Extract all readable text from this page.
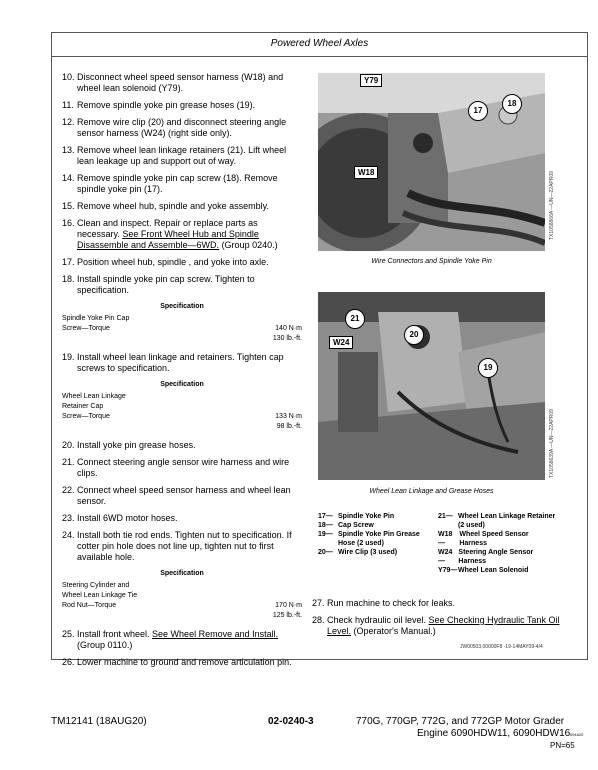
Powered Wheel Axles
10. Disconnect wheel speed sensor harness (W18) and wheel lean solenoid (Y79).
11. Remove spindle yoke pin grease hoses (19).
12. Remove wire clip (20) and disconnect steering angle sensor harness (W24) (right side only).
13. Remove wheel lean linkage retainers (21). Lift wheel lean leakage up and support out of way.
14. Remove spindle yoke pin cap screw (18). Remove spindle yoke pin (17).
15. Remove wheel hub, spindle and yoke assembly.
16. Clean and inspect. Repair or replace parts as necessary. See Front Wheel Hub and Spindle Disassemble and Assemble—6WD. (Group 0240.)
17. Position wheel hub, spindle , and yoke into axle.
18. Install spindle yoke pin cap screw. Tighten to specification.
Specification
Spindle Yoke Pin Cap
Screw—Torque	140 N·m
130 lb.-ft.
19. Install wheel lean linkage and retainers. Tighten cap screws to specification.
Specification
Wheel Lean Linkage
Retainer Cap
Screw—Torque	133 N·m
98 lb.-ft.
20. Install yoke pin grease hoses.
21. Connect steering angle sensor wire harness and wire clips.
22. Connect wheel speed sensor harness and wheel lean sensor.
23. Install 6WD motor hoses.
24. Install both tie rod ends. Tighten nut to specification. If cotter pin hole does not line up, tighten nut to first available hole.
Specification
Steering Cylinder and
Wheel Lean Linkage Tie
Rod Nut—Torque	170 N·m
125 lb.-ft.
25. Install front wheel. See Wheel Remove and Install. (Group 0110.)
26. Lower machine to ground and remove articulation pin.
Y79
17
18
W18	TX1058866A —UN—22APR09
Wire Connectors and Spindle Yoke Pin
21
20
W24
19
TX1058639A —UN—22APR09
Wheel Lean Linkage and Grease Hoses
17— Spindle Yoke Pin
18— Cap Screw
19— Spindle Yoke Pin Grease Hose (2 used)
20— Wire Clip (3 used)
21— Wheel Lean Linkage Retainer (2 used)
W18—
Wheel Speed Sensor Harness
W24—
Steering Angle Sensor Harness
Y79— Wheel Lean Solenoid
27. Run machine to check for leaks.
28. Check hydraulic oil level. See Checking Hydraulic Tank Oil Level. (Operator's Manual.)
JW00503,00000F8 -19-14MAY09-4/4
TM12141 (18AUG20)	02-0240-3	770G, 770GP, 772G, and 772GP Motor Grader
Engine 6090HDW11, 6090HDW16 091620
PN=65
